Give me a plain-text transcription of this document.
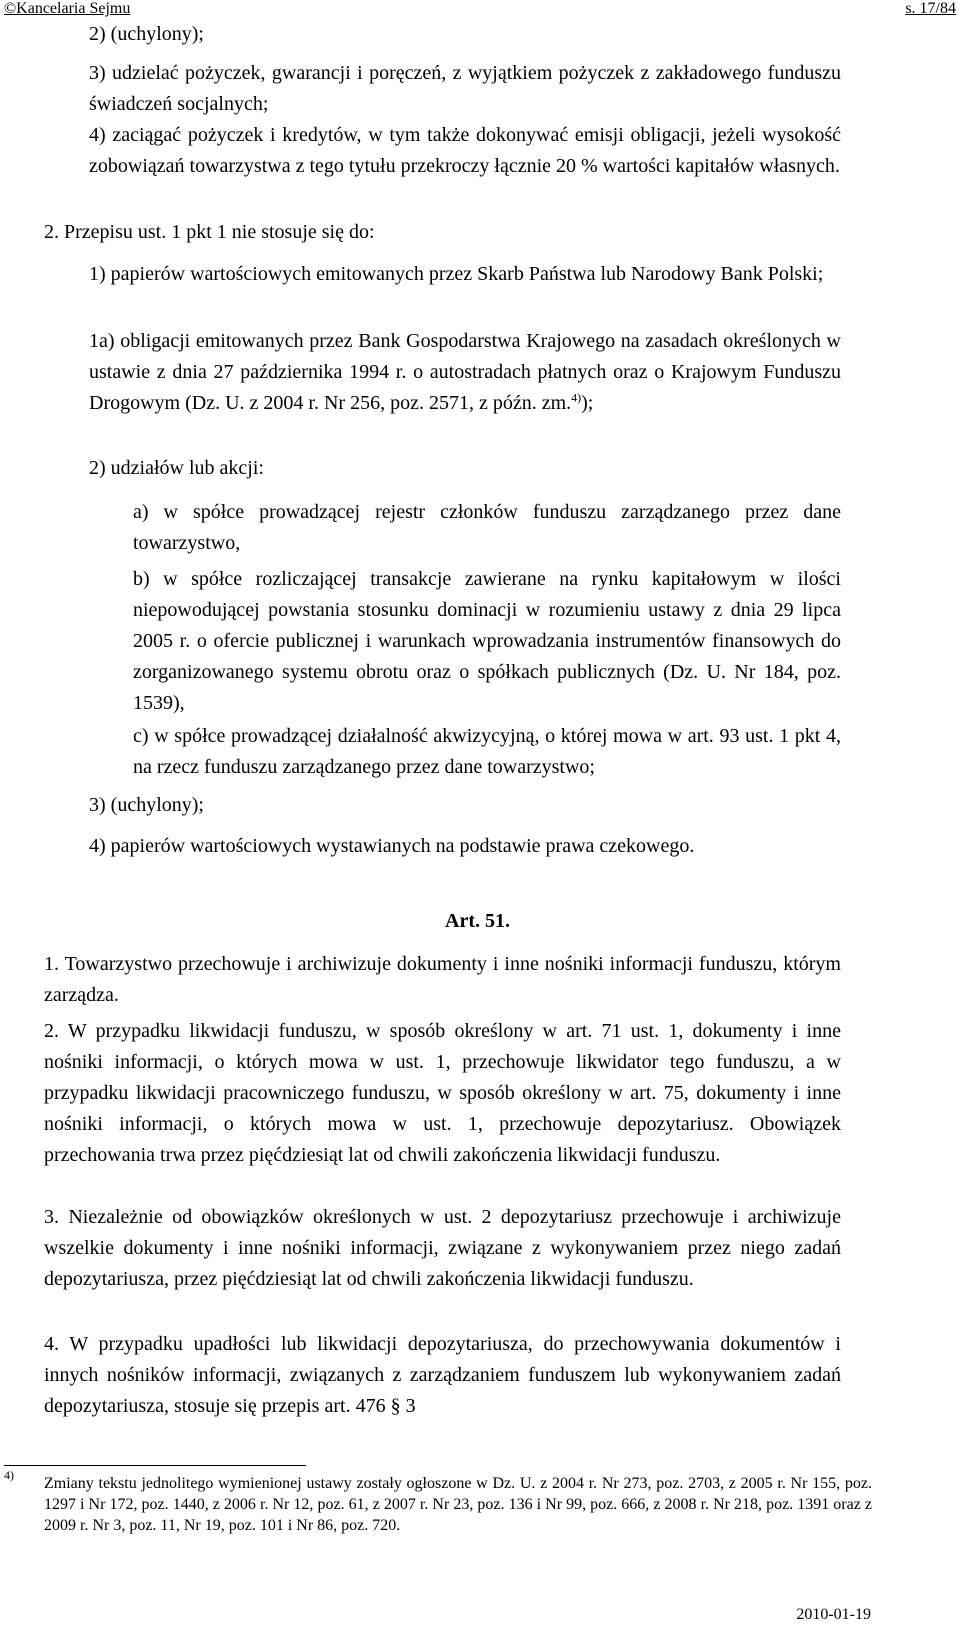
©Kancelaria Sejmu	s. 17/84

2) (uchylony);

3) udzielać pożyczek, gwarancji i poręczeń, z wyjątkiem pożyczek z zakładowego funduszu świadczeń socjalnych;

4) zaciągać pożyczek i kredytów, w tym także dokonywać emisji obligacji, jeżeli wysokość zobowiązań towarzystwa z tego tytułu przekroczy łącznie 20 % wartości kapitałów własnych.

2. Przepisu ust. 1 pkt 1 nie stosuje się do:

1) papierów wartościowych emitowanych przez Skarb Państwa lub Narodowy Bank Polski;

1a) obligacji emitowanych przez Bank Gospodarstwa Krajowego na zasadach określonych w ustawie z dnia 27 października 1994 r. o autostradach płatnych oraz o Krajowym Funduszu Drogowym (Dz. U. z 2004 r. Nr 256, poz. 2571, z późn. zm.$^{4)}$);

2) udziałów lub akcji:

a) w spółce prowadzącej rejestr członków funduszu zarządzanego przez dane towarzystwo,

b) w spółce rozliczającej transakcje zawierane na rynku kapitałowym w ilości niepowodującej powstania stosunku dominacji w rozumieniu ustawy z dnia 29 lipca 2005 r. o ofercie publicznej i warunkach wprowadzania instrumentów finansowych do zorganizowanego systemu obrotu oraz o spółkach publicznych (Dz. U. Nr 184, poz. 1539),

c) w spółce prowadzącej działalność akwizycyjną, o której mowa w art. 93 ust. 1 pkt 4, na rzecz funduszu zarządzanego przez dane towarzystwo;

3) (uchylony);

4) papierów wartościowych wystawianych na podstawie prawa czekowego.

Art. 51.

1. Towarzystwo przechowuje i archiwizuje dokumenty i inne nośniki informacji funduszu, którym zarządza.

2. W przypadku likwidacji funduszu, w sposób określony w art. 71 ust. 1, dokumenty i inne nośniki informacji, o których mowa w ust. 1, przechowuje likwidator tego funduszu, a w przypadku likwidacji pracowniczego funduszu, w sposób określony w art. 75, dokumenty i inne nośniki informacji, o których mowa w ust. 1, przechowuje depozytariusz. Obowiązek przechowania trwa przez pięćdziesiąt lat od chwili zakończenia likwidacji funduszu.

3. Niezależnie od obowiązków określonych w ust. 2 depozytariusz przechowuje i archiwizuje wszelkie dokumenty i inne nośniki informacji, związane z wykonywaniem przez niego zadań depozytariusza, przez pięćdziesiąt lat od chwili zakończenia likwidacji funduszu.

4. W przypadku upadłości lub likwidacji depozytariusza, do przechowywania dokumentów i innych nośników informacji, związanych z zarządzaniem funduszem lub wykonywaniem zadań depozytariusza, stosuje się przepis art. 476 § 3

4) Zmiany tekstu jednolitego wymienionej ustawy zostały ogłoszone w Dz. U. z 2004 r. Nr 273, poz. 2703, z 2005 r. Nr 155, poz. 1297 i Nr 172, poz. 1440, z 2006 r. Nr 12, poz. 61, z 2007 r. Nr 23, poz. 136 i Nr 99, poz. 666, z 2008 r. Nr 218, poz. 1391 oraz z 2009 r. Nr 3, poz. 11, Nr 19, poz. 101 i Nr 86, poz. 720.
2010-01-19
